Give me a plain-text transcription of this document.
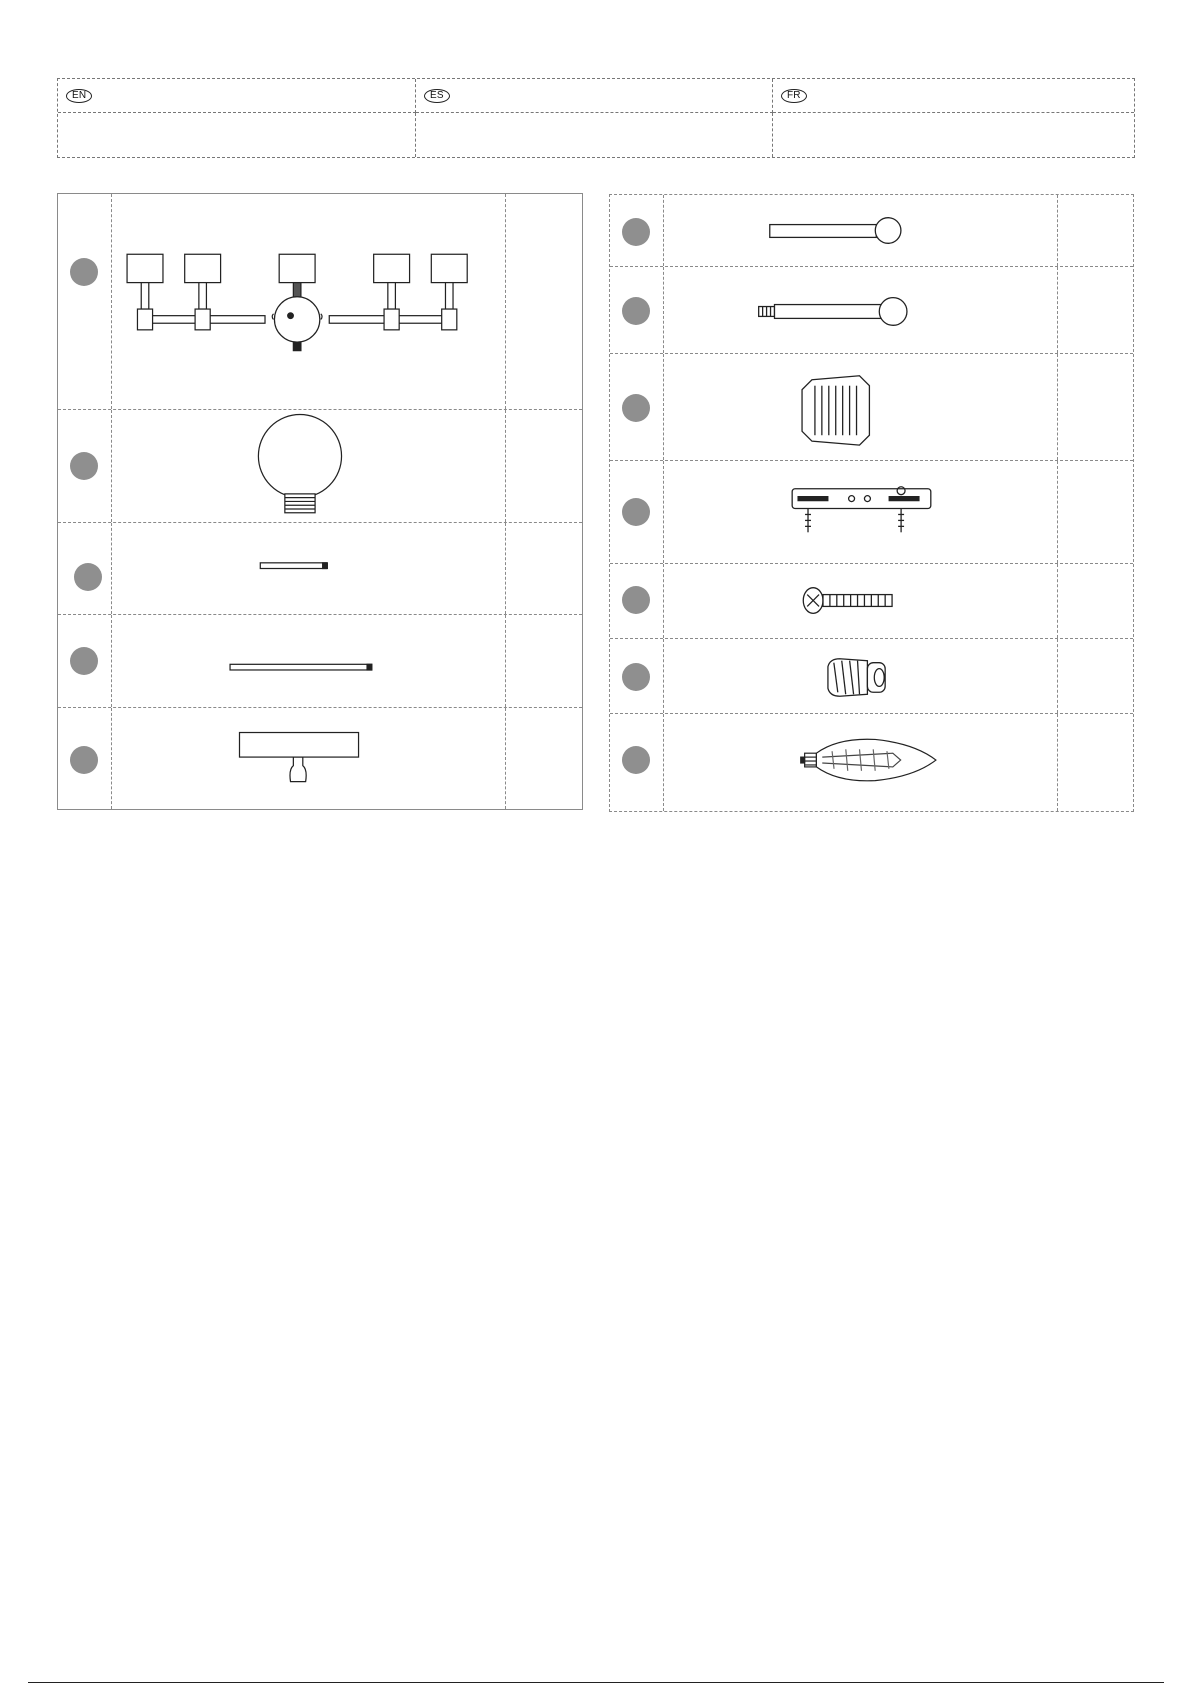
EN	ES	FR
